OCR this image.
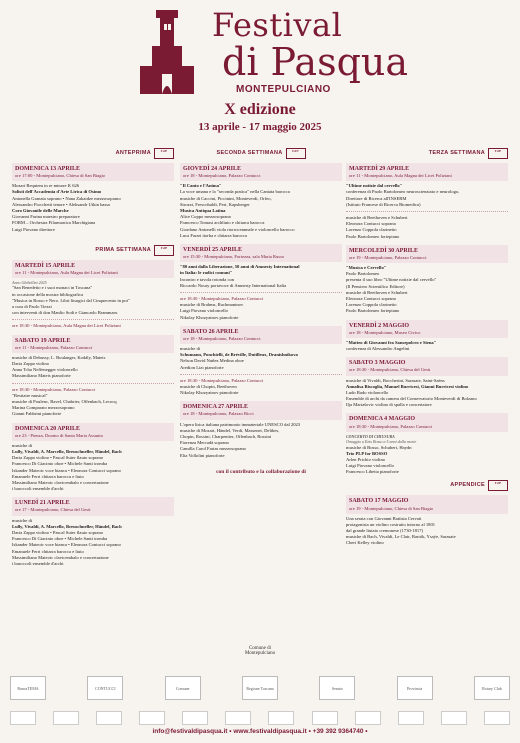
Festival
di Pasqua
MONTEPULCIANO
X edizione
13 aprile - 17 maggio 2025
ANTEPRIMA	FdP
DOMENICA 13 APRILE
ore 17:00 - Montepulciano, Chiesa di San Biagio
Mozart Requiem in re minore K 626
Solisti dell'Accademia d'Arte Lirica di Osimo
Antonella Granata soprano • Nana Zakaidze mezzosoprano
Alessandro Fiocchetti tenore • Aleksandr Utkin basso
Coro Giovanile delle Marche
Giovanni Farina maestro preparatore
FORM – Orchestra Filarmonica Marchigiana
Luigi Piovano direttore
PRIMA SETTIMANA	FdP
MARTEDÌ 15 APRILE
ore 11 - Montepulciano, Aula Magna dei Licei Poliziani
Anno Ghibellini 2025
"San Benedetto e i suoi monaci in Toscana"
in occasione della mostra bibliografica
"Musica in Rosso e Nero. Libri liturgici dal Cinquecento in poi"
a cura di Paolo Tiezzi
con interventi di don Manlio Sodi e Giancarlo Brammaru
ore 18:30 - Montepulciano, Aula Magna dei Licei Poliziani
SABATO 19 APRILE
ore 11 - Montepulciano, Palazzo Contucci
musiche di Debussy, L. Boulanger, Kodály, Mateis
Daria Zappa violino
Anna Tcha Neffenegger violoncello
Massimiliano Mateis pianoforte
ore 18:30 - Montepulciano, Palazzo Contucci
"Bestiaire musical"
musiche di Poulenc, Ravel, Chabrier, Offenbach, Lecocq
Marina Comparato mezzosoprano
Gianni Fabbrini pianoforte
DOMENICA 20 APRILE
ore 23 - Pienza, Duomo di Santa Maria Assunta
musiche di
Lully, Vivaldi, A. Marcello, Breuschneller, Händel, Bach
Daria Zappa violino • Pascal Suter flauto soprano
Francesco Di Giacinto oboe • Michele Santi tromba
Iskander Mateoic voce bianca • Eleonora Contucci soprano
Emanuele Ferri chitarra barocca e liuto
Massimiliano Mateoic clavicembalo e concertazione
i baroccoli ensemble d'archi
LUNEDÌ 21 APRILE
ore 17 - Montepulciano, Chiesa del Gesù
musiche di
Lully, Vivaldi, A. Marcello, Breuschneller, Händel, Bach
Daria Zappa violino • Pascal Suter flauto soprano
Francesco Di Giacinto oboe • Michele Santi tromba
Iskander Mateoic voce bianca • Eleonora Contucci soprano
Emanuele Ferri chitarra barocca e liuto
Massimiliano Mateoic clavicembalo e concertazione
i baroccoli ensemble d'archi
SECONDA SETTIMANA	FdP
GIOVEDÌ 24 APRILE
ore 18 - Montepulciano, Palazzo Contucci
"Il Canto e l'Anima"
La voce umana e la "seconda pratica" nella Cantata barocca
musiche di Caccini, Piccinini, Monteverdi, Orfeo,
Strozzi, Frescobaldi, Peri, Kapsberger
Musica Antiqua Latina
Alice Coppo mezzosoprano
Francesco Tomasi archliuto e chitarra barocca
Giordano Antonelli viola riorrocennnale e violoncello barocco
Luca Farari tiorba e chitarra barocca
VENERDÌ 25 APRILE
ore 15:30 - Montepulciano, Fortezza, sala Maria Russo
"80 anni dalla Liberazione, 50 anni di Amnesty International
in Italia: le radici comuni"
Incontro e tavola rotonda con
Riccardo Noury portavoce di Amnesty International Italia
ore 18:30 - Montepulciano, Palazzo Contucci
musiche di Brahms, Rachmaninov
Luigi Piovano violoncello
Nikolay Khozyainov pianoforte
SABATO 26 APRILE
ore 18 - Montepulciano, Palazzo Contucci
musiche di
Schumann, Ponchielli, de Bréville, Dutilleux, Dranishnikova
Nelson David Nuñez Medina oboe
Aredion Lizi pianoforte
ore 18:30 - Montepulciano, Palazzo Contucci
musiche di Chopin, Beethoven
Nikolay Khozyainov pianoforte
DOMENICA 27 APRILE
ore 18 - Montepulciano, Palazzo Ricci
L'opera lirica italiana patrimonio immateriale UNESCO dal 2023
musiche di Mozart, Händel, Verdi, Massenet, Delibes,
Chopin, Rossini, Charpentier, Offenbach, Rossini
Fiorenza Mercadà soprano
Camilla Carol Farias mezzosoprano
Elia Vollolini pianoforte
con il contributo e la collaborazione di
TERZA SETTIMANA	FdP
MARTEDÌ 29 APRILE
ore 11 - Montepulciano, Aula Magna dei Licei Poliziani
"Ultime notizie dal cervello"
conferenza di Paolo Bartolomeo neuroscienziato e neurologo,
Direttore di Ricerca all'INSERM
(Istituto Francese di Ricerca Biomedica)
musiche di Beethoven e Schubert
Eleonora Contucci soprano
Lorenzo Coppola clarinetto
Paolo Bartolomeo fortepiano
MERCOLEDÌ 30 APRILE
ore 19 - Montepulciano, Palazzo Contucci
"Musica e Cervello"
Paolo Bartolomeo
presenta il suo libro "Ultime notizie dal cervello"
(Il Pensiero Scientifico Editore)
musiche di Beethoven e Schubert
Eleonora Contucci soprano
Lorenzo Coppola clarinetto
Paolo Bartolomeo fortepiano
VENERDÌ 2 MAGGIO
ore 18 - Montepulciano, Museo Civico
"Matteo di Giovanni fra Sansepolcro e Siena"
conferenza di Alessandro Angelini
SABATO 3 MAGGIO
ore 18:30 - Montepulciano, Chiesa del Gesù
musiche di Vivaldi, Boccherini, Sarasate, Saint-Saëns
Annalisa Biscoglia, Manuel Burricesi, Gianni Burricesi violino
Ludo Rado violoncello
Ensemble di archi da camera del Conservatorio Monteverdi di Bolzano
Ilja Mariašovic violino di spalla e concertatore
DOMENICA 4 MAGGIO
ore 18:30 - Montepulciano, Palazzo Contucci
CONCERTO DI CHIUSURA
Omaggio a Ezio Bosso a 5 anni dalla morte
musiche di Bosso, Schubert, Haydn
Trio PLP for BOSSO
Arlen Prichio violino
Luigi Piovano violoncello
Francesco Libetta pianoforte
APPENDICE	FdP
SABATO 17 MAGGIO
ore 19 - Montepulciano, Chiesa di San Biagio
Una serata con Giovanni Battista Cervati
protagonista un violino costruito intorno al 1801
dal grande liutaio cremonese (1730-1817)
musiche di Bach, Vivaldi, Le Clair, Bartók, Ysaÿe, Sarasate
Cheri Kelley violino
BancaTEMA	CONTUCCI	Comune	Regione Toscana	Senato	Provincia	Rotary Club
info@festivaldipasqua.it • www.festivaldipasqua.it • +39 392 9364740 •
Comune di Montepulciano
